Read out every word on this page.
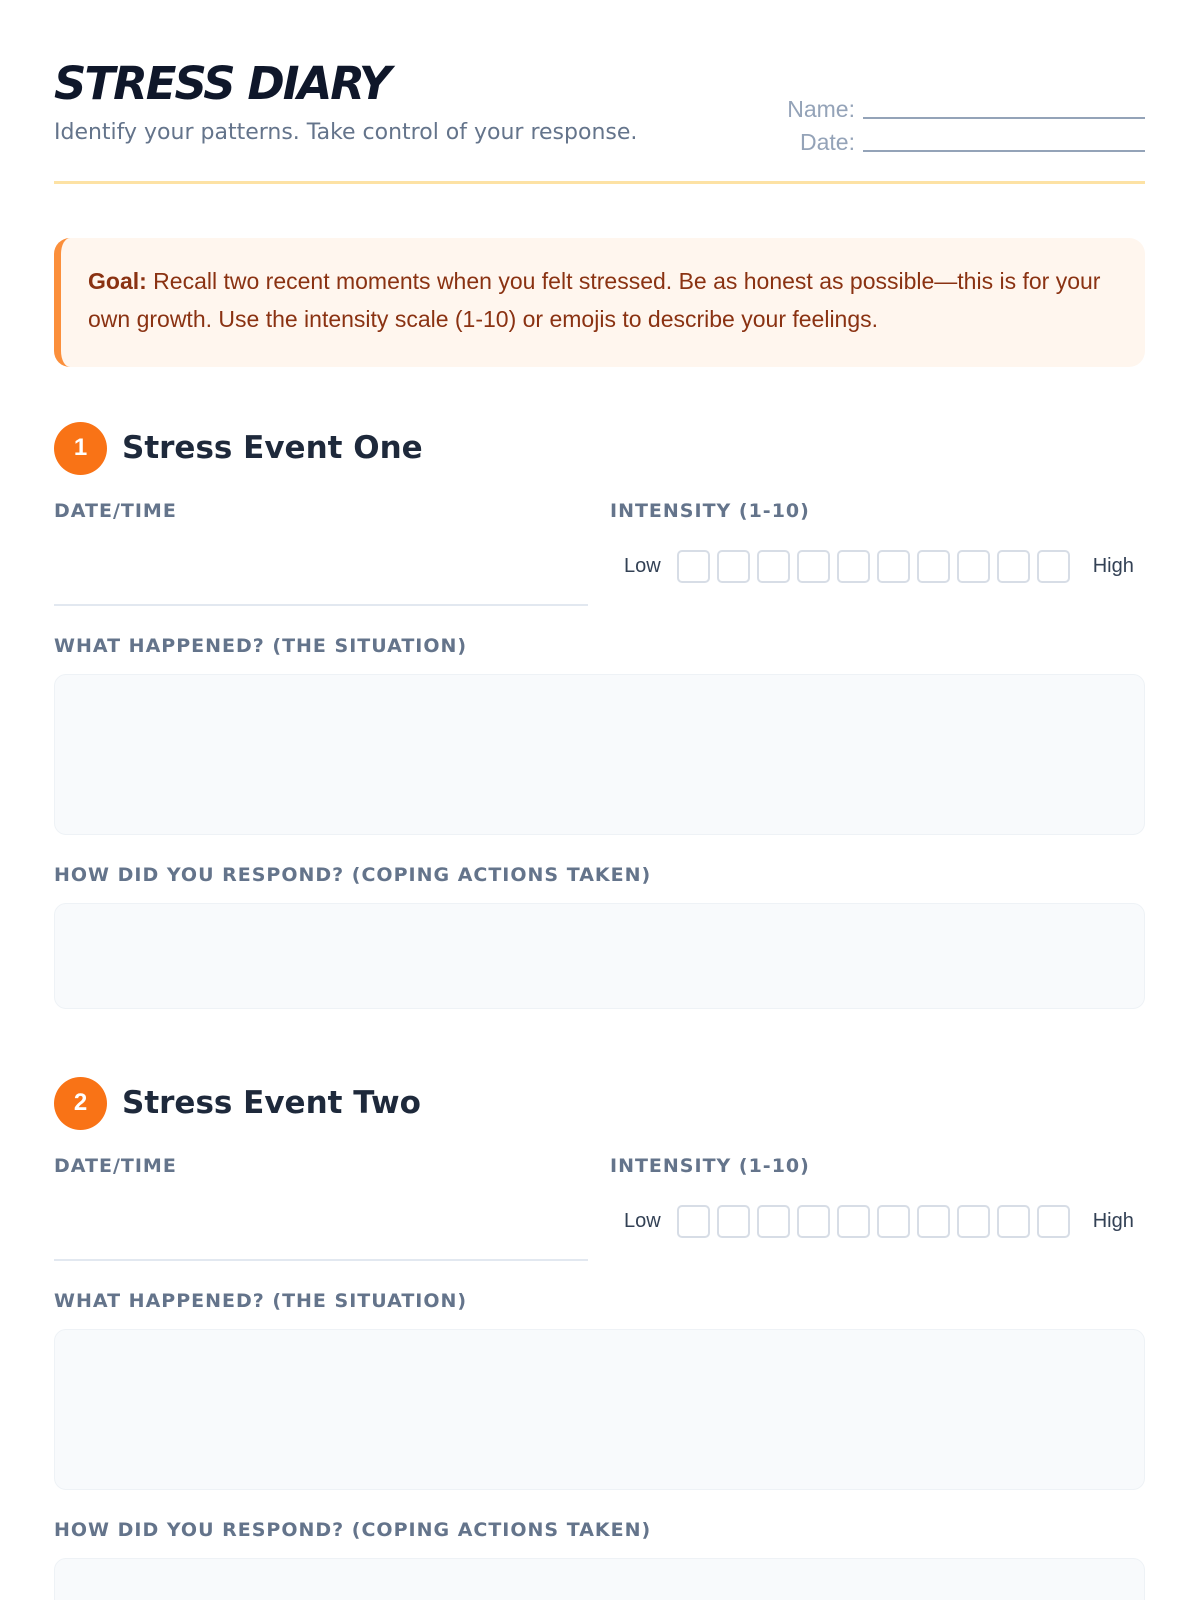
STRESS DIARY
Identify your patterns. Take control of your response.
Name:
Date:

Goal: Recall two recent moments when you felt stressed. Be as honest as possible—this is for your own growth. Use the intensity scale (1-10) or emojis to describe your feelings.

1	Stress Event One
DATE/TIME	INTENSITY (1-10)
Low	High
WHAT HAPPENED? (THE SITUATION)
HOW DID YOU RESPOND? (COPING ACTIONS TAKEN)
2	Stress Event Two
DATE/TIME	INTENSITY (1-10)
Low	High
WHAT HAPPENED? (THE SITUATION)
HOW DID YOU RESPOND? (COPING ACTIONS TAKEN)
